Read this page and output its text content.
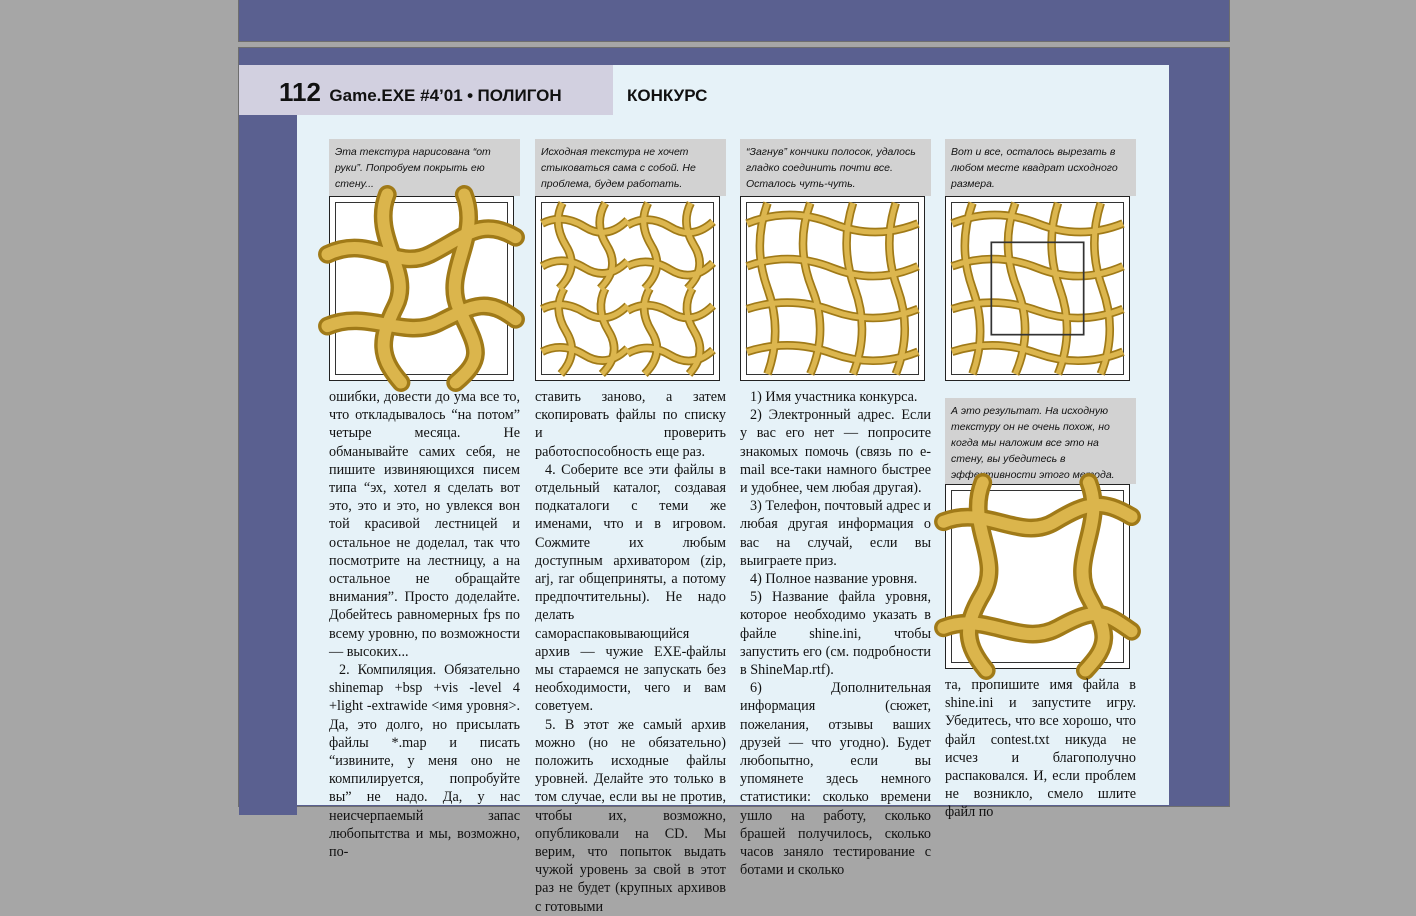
112 Game.EXE #4’01 • ПОЛИГОН	КОНКУРС
Эта текстура нарисована “от руки”. Попробуем покрыть ею стену...
Исходная текстура не хочет стыковаться сама с собой. Не проблема, будем работать.
“Загнув” кончики полосок, удалось гладко соединить почти все. Осталось чуть-чуть.
Вот и все, осталось вырезать в любом месте квадрат исходного размера.
А это результат. На исходную текстуру он не очень похож, но когда мы наложим все это на стену, вы убедитесь в эффективности этого метода.

ошибки, довести до ума все то, что откладывалось “на потом” четыре месяца. Не обманывайте самих себя, не пишите извиняющихся писем типа “эх, хотел я сделать вот это, это и это, но увлекся вон той красивой лестницей и остальное не доделал, так что посмотрите на лестницу, а на остальное не обращайте внимания”. Просто доделайте. Добейтесь равномерных fps по всему уровню, по возможности — высоких...

2. Компиляция. Обязательно shinemap +bsp +vis -level 4 +light -extrawide <имя уровня>. Да, это долго, но присылать файлы *.map и писать “извините, у меня оно не компилируется, попробуйте вы” не надо. Да, у нас неисчерпаемый запас любопытства и мы, возможно, по-

ставить заново, а затем скопировать файлы по списку и проверить работоспособность еще раз.

4. Соберите все эти файлы в отдельный каталог, создавая подкаталоги с теми же именами, что и в игровом. Сожмите их любым доступным архиватором (zip, arj, rar общеприняты, а потому предпочтительны). Не надо делать самораспаковывающийся архив — чужие EXE-файлы мы стараемся не запускать без необходимости, чего и вам советуем.

5. В этот же самый архив можно (но не обязательно) положить исходные файлы уровней. Делайте это только в том случае, если вы не против, чтобы их, возможно, опубликовали на CD. Мы верим, что попыток выдать чужой уровень за свой в этот раз не будет (крупных архивов с готовыми

1) Имя участника конкурса.

2) Электронный адрес. Если у вас его нет — попросите знакомых помочь (связь по e-mail все-таки намного быстрее и удобнее, чем любая другая).

3) Телефон, почтовый адрес и любая другая информация о вас на случай, если вы выиграете приз.

4) Полное название уровня.

5) Название файла уровня, которое необходимо указать в файле shine.ini, чтобы запустить его (см. подробности в ShineMap.rtf).

6) Дополнительная информация (сюжет, пожелания, отзывы ваших друзей — что угодно). Будет любопытно, если вы упомянете здесь немного статистики: сколько времени ушло на работу, сколько брашей получилось, сколько часов заняло тестирование с ботами и сколько

та, пропишите имя файла в shine.ini и запустите игру. Убедитесь, что все хорошо, что файл contest.txt никуда не исчез и благополучно распаковался. И, если проблем не возникло, смело шлите файл по
